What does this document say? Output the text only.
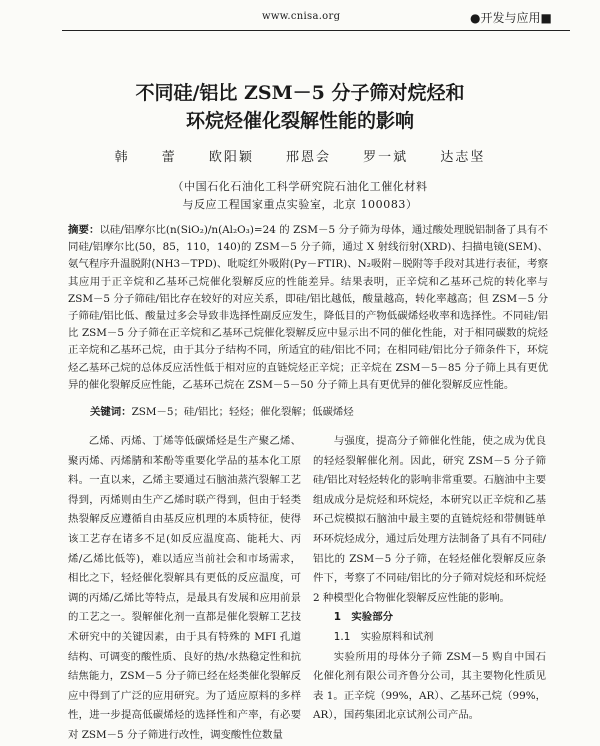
www.cnisa.org	●开发与应用■
不同硅/铝比 ZSM－5 分子筛对烷烃和
环烷烃催化裂解性能的影响
韩 蕾 欧阳颖 邢恩会 罗一斌 达志坚
（中国石化石油化工科学研究院石油化工催化材料
与反应工程国家重点实验室，北京 100083）

摘要：以硅/铝摩尔比(n(SiO₂)/n(Al₂O₃)=24 的 ZSM－5 分子筛为母体，通过酸处理脱铝制备了具有不同硅/铝摩尔比(50，85，110，140)的 ZSM－5 分子筛，通过 X 射线衍射(XRD)、扫描电镜(SEM)、氨气程序升温脱附(NH3－TPD)、吡啶红外吸附(Py－FTIR)、N₂吸附－脱附等手段对其进行表征，考察其应用于正辛烷和乙基环己烷催化裂解反应的性能差异。结果表明，正辛烷和乙基环己烷的转化率与 ZSM－5 分子筛硅/铝比存在较好的对应关系，即硅/铝比越低，酸量越高，转化率越高；但 ZSM－5 分子筛硅/铝比低、酸量过多会导致非选择性副反应发生，降低目的产物低碳烯烃收率和选择性。不同硅/铝比 ZSM－5 分子筛在正辛烷和乙基环己烷催化裂解反应中显示出不同的催化性能，对于相同碳数的烷烃正辛烷和乙基环己烷，由于其分子结构不同，所适宜的硅/铝比不同；在相同硅/铝比分子筛条件下，环烷烃乙基环己烷的总体反应活性低于相对应的直链烷烃正辛烷；正辛烷在 ZSM－5－85 分子筛上具有更优异的催化裂解反应性能，乙基环己烷在 ZSM－5－50 分子筛上具有更优异的催化裂解反应性能。

关键词：ZSM－5；硅/铝比；轻烃；催化裂解；低碳烯烃

乙烯、丙烯、丁烯等低碳烯烃是生产聚乙烯、聚丙烯、丙烯腈和苯酚等重要化学品的基本化工原料。一直以来，乙烯主要通过石脑油蒸汽裂解工艺得到，丙烯则由生产乙烯时联产得到，但由于轻类热裂解反应遵循自由基反应机理的本质特征，使得该工艺存在诸多不足(如反应温度高、能耗大、丙烯/乙烯比低等)，难以适应当前社会和市场需求，相比之下，轻烃催化裂解具有更低的反应温度，可调的丙烯/乙烯比等特点，是最具有发展和应用前景的工艺之一。裂解催化剂一直都是催化裂解工艺技术研究中的关键因素，由于具有特殊的 MFI 孔道结构、可调变的酸性质、良好的热/水热稳定性和抗结焦能力，ZSM－5 分子筛已经在烃类催化裂解反应中得到了广泛的应用研究。为了适应原料的多样性，进一步提高低碳烯烃的选择性和产率，有必要对 ZSM－5 分子筛进行改性，调变酸性位数量

与强度，提高分子筛催化性能，使之成为优良的轻烃裂解催化剂。因此，研究 ZSM－5 分子筛硅/铝比对轻烃转化的影响非常重要。石脑油中主要组成成分是烷烃和环烷烃，本研究以正辛烷和乙基环己烷模拟石脑油中最主要的直链烷烃和带侧链单环环烷烃成分，通过后处理方法制备了具有不同硅/铝比的 ZSM－5 分子筛，在轻烃催化裂解反应条件下，考察了不同硅/铝比的分子筛对烷烃和环烷烃 2 种模型化合物催化裂解反应性能的影响。

1　实验部分

1.1　实验原料和试剂

实验所用的母体分子筛 ZSM－5 购自中国石化催化剂有限公司齐鲁分公司，其主要物化性质见表 1。正辛烷（99%，AR）、乙基环己烷（99%，AR），国药集团北京试剂公司产品。
